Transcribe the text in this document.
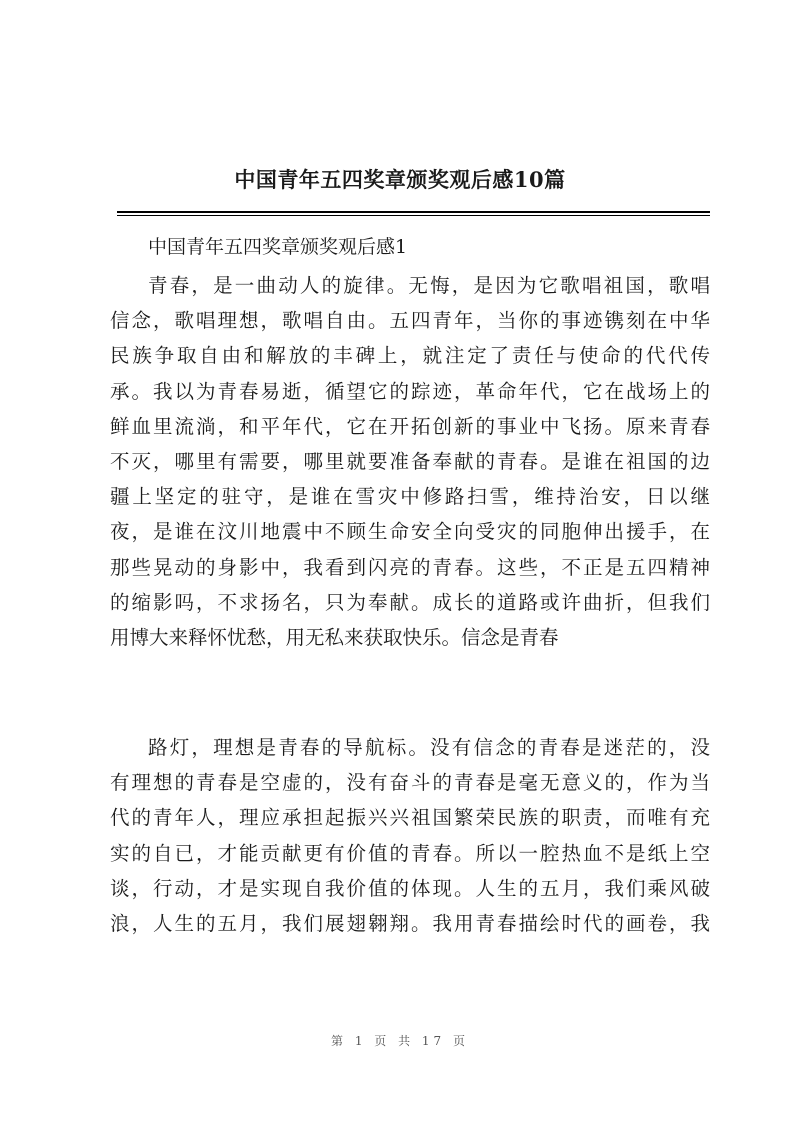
中国青年五四奖章颁奖观后感10篇

中国青年五四奖章颁奖观后感1

青春，是一曲动人的旋律。无悔，是因为它歌唱祖国，歌唱
信念，歌唱理想，歌唱自由。五四青年，当你的事迹镌刻在中华
民族争取自由和解放的丰碑上，就注定了责任与使命的代代传
承。我以为青春易逝，循望它的踪迹，革命年代，它在战场上的
鲜血里流淌，和平年代，它在开拓创新的事业中飞扬。原来青春
不灭，哪里有需要，哪里就要准备奉献的青春。是谁在祖国的边
疆上坚定的驻守，是谁在雪灾中修路扫雪，维持治安，日以继
夜，是谁在汶川地震中不顾生命安全向受灾的同胞伸出援手，在
那些晃动的身影中，我看到闪亮的青春。这些，不正是五四精神
的缩影吗，不求扬名，只为奉献。成长的道路或许曲折，但我们
用博大来释怀忧愁，用无私来获取快乐。信念是青春
路灯，理想是青春的导航标。没有信念的青春是迷茫的，没
有理想的青春是空虚的，没有奋斗的青春是毫无意义的，作为当
代的青年人，理应承担起振兴兴祖国繁荣民族的职责，而唯有充
实的自已，才能贡献更有价值的青春。所以一腔热血不是纸上空
谈，行动，才是实现自我价值的体现。人生的五月，我们乘风破
浪，人生的五月，我们展翅翱翔。我用青春描绘时代的画卷，我
第 1 页 共 17 页
